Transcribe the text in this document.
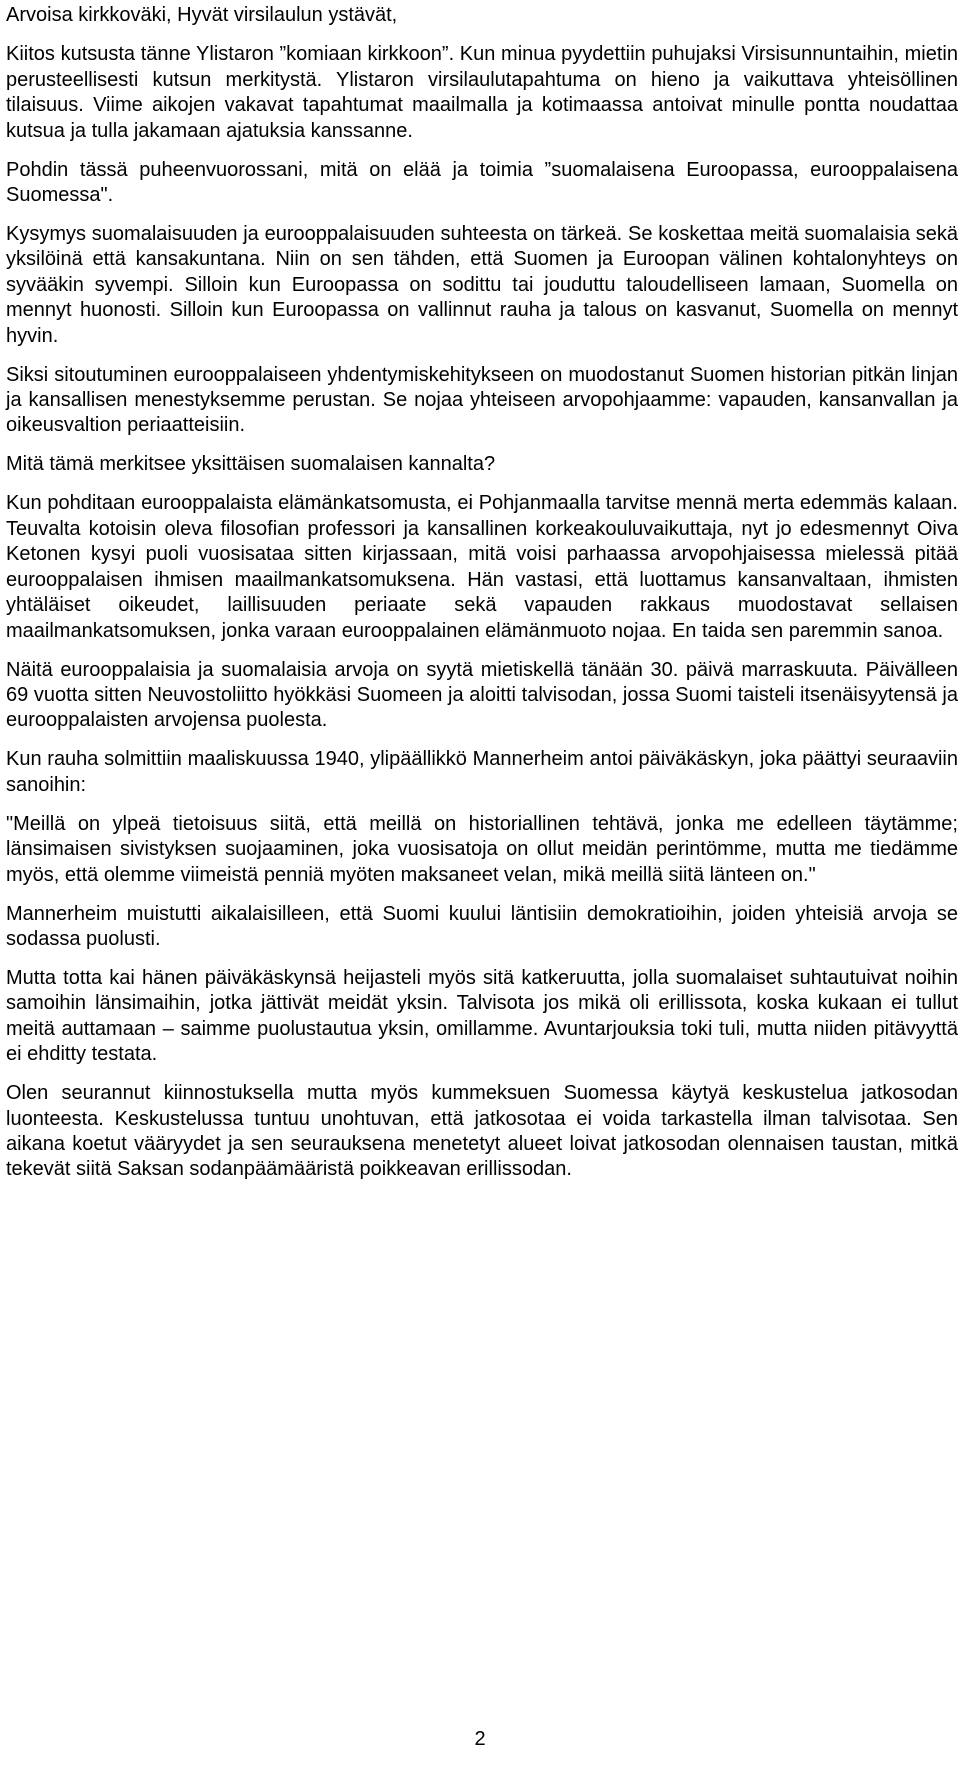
Arvoisa kirkkoväki, Hyvät virsilaulun ystävät,

Kiitos kutsusta tänne Ylistaron ”komiaan kirkkoon”. Kun minua pyydettiin puhujaksi Virsisunnuntaihin, mietin perusteellisesti kutsun merkitystä. Ylistaron virsilaulutapahtuma on hieno ja vaikuttava yhteisöllinen tilaisuus. Viime aikojen vakavat tapahtumat maailmalla ja kotimaassa antoivat minulle pontta noudattaa kutsua ja tulla jakamaan ajatuksia kanssanne.

Pohdin tässä puheenvuorossani, mitä on elää ja toimia ”suomalaisena Euroopassa, eurooppalaisena Suomessa".

Kysymys suomalaisuuden ja eurooppalaisuuden suhteesta on tärkeä. Se koskettaa meitä suomalaisia sekä yksilöinä että kansakuntana. Niin on sen tähden, että Suomen ja Euroopan välinen kohtalonyhteys on syvääkin syvempi. Silloin kun Euroopassa on sodittu tai jouduttu taloudelliseen lamaan, Suomella on mennyt huonosti. Silloin kun Euroopassa on vallinnut rauha ja talous on kasvanut, Suomella on mennyt hyvin.

Siksi sitoutuminen eurooppalaiseen yhdentymiskehitykseen on muodostanut Suomen historian pitkän linjan ja kansallisen menestyksemme perustan. Se nojaa yhteiseen arvopohjaamme: vapauden, kansanvallan ja oikeusvaltion periaatteisiin.

Mitä tämä merkitsee yksittäisen suomalaisen kannalta?

Kun pohditaan eurooppalaista elämänkatsomusta, ei Pohjanmaalla tarvitse mennä merta edemmäs kalaan. Teuvalta kotoisin oleva filosofian professori ja kansallinen korkeakouluvaikuttaja, nyt jo edesmennyt Oiva Ketonen kysyi puoli vuosisataa sitten kirjassaan, mitä voisi parhaassa arvopohjaisessa mielessä pitää eurooppalaisen ihmisen maailmankatsomuksena. Hän vastasi, että luottamus kansanvaltaan, ihmisten yhtäläiset oikeudet, laillisuuden periaate sekä vapauden rakkaus muodostavat sellaisen maailmankatsomuksen, jonka varaan eurooppalainen elämänmuoto nojaa. En taida sen paremmin sanoa.

Näitä eurooppalaisia ja suomalaisia arvoja on syytä mietiskellä tänään 30. päivä marraskuuta. Päivälleen 69 vuotta sitten Neuvostoliitto hyökkäsi Suomeen ja aloitti talvisodan, jossa Suomi taisteli itsenäisyytensä ja eurooppalaisten arvojensa puolesta.

Kun rauha solmittiin maaliskuussa 1940, ylipäällikkö Mannerheim antoi päiväkäskyn, joka päättyi seuraaviin sanoihin:

"Meillä on ylpeä tietoisuus siitä, että meillä on historiallinen tehtävä, jonka me edelleen täytämme; länsimaisen sivistyksen suojaaminen, joka vuosisatoja on ollut meidän perintömme, mutta me tiedämme myös, että olemme viimeistä penniä myöten maksaneet velan, mikä meillä siitä länteen on."

Mannerheim muistutti aikalaisilleen, että Suomi kuului läntisiin demokratioihin, joiden yhteisiä arvoja se sodassa puolusti.

Mutta totta kai hänen päiväkäskynsä heijasteli myös sitä katkeruutta, jolla suomalaiset suhtautuivat noihin samoihin länsimaihin, jotka jättivät meidät yksin. Talvisota jos mikä oli erillissota, koska kukaan ei tullut meitä auttamaan – saimme puolustautua yksin, omillamme. Avuntarjouksia toki tuli, mutta niiden pitävyyttä ei ehditty testata.

Olen seurannut kiinnostuksella mutta myös kummeksuen Suomessa käytyä keskustelua jatkosodan luonteesta. Keskustelussa tuntuu unohtuvan, että jatkosotaa ei voida tarkastella ilman talvisotaa. Sen aikana koetut vääryydet ja sen seurauksena menetetyt alueet loivat jatkosodan olennaisen taustan, mitkä tekevät siitä Saksan sodanpäämääristä poikkeavan erillissodan.

2
